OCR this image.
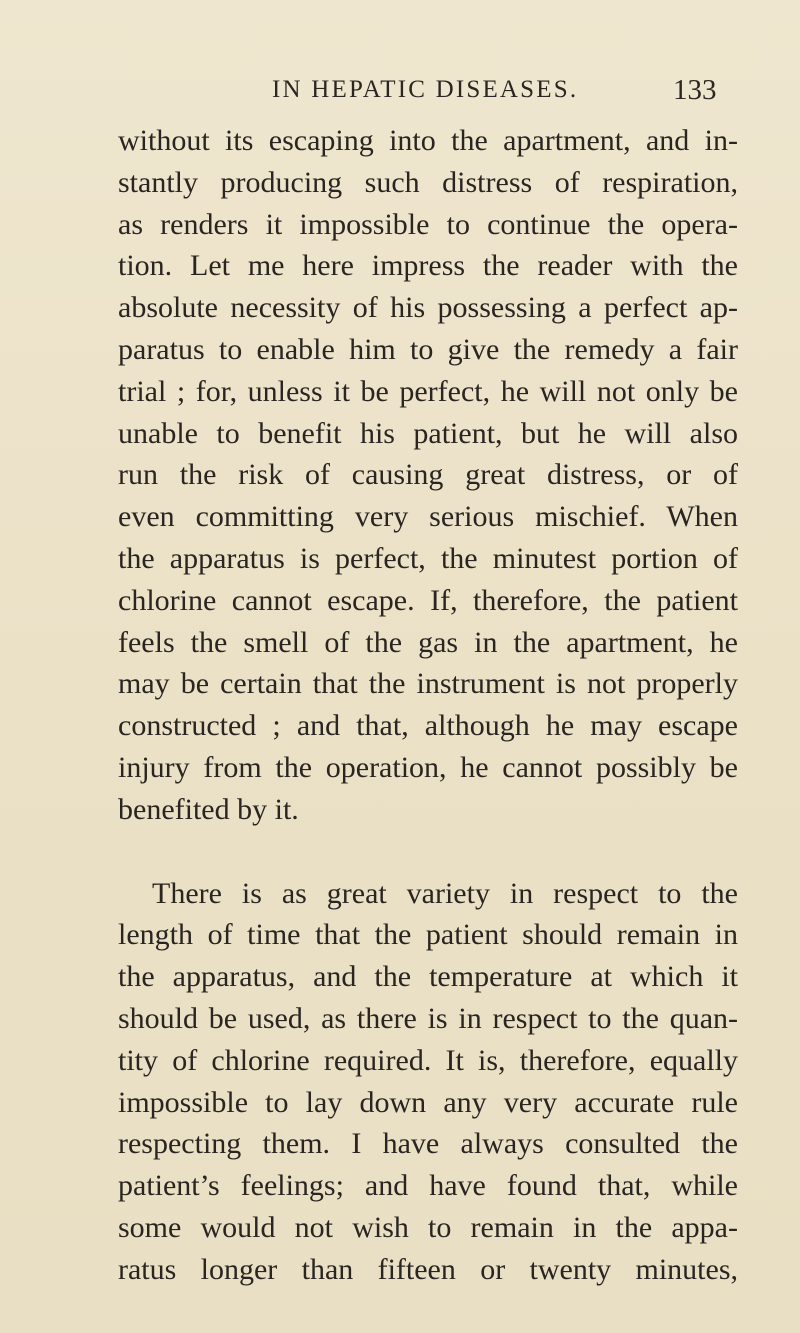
IN HEPATIC DISEASES.	133
without its escaping into the apartment, and in-
stantly producing such distress of respiration,
as renders it impossible to continue the opera-
tion. Let me here impress the reader with the
absolute necessity of his possessing a perfect ap-
paratus to enable him to give the remedy a fair
trial ; for, unless it be perfect, he will not only be
unable to benefit his patient, but he will also
run the risk of causing great distress, or of
even committing very serious mischief. When
the apparatus is perfect, the minutest portion of
chlorine cannot escape. If, therefore, the patient
feels the smell of the gas in the apartment, he
may be certain that the instrument is not properly
constructed ; and that, although he may escape
injury from the operation, he cannot possibly be
benefited by it.
There is as great variety in respect to the
length of time that the patient should remain in
the apparatus, and the temperature at which it
should be used, as there is in respect to the quan-
tity of chlorine required. It is, therefore, equally
impossible to lay down any very accurate rule
respecting them. I have always consulted the
patient’s feelings; and have found that, while
some would not wish to remain in the appa-
ratus longer than fifteen or twenty minutes,
